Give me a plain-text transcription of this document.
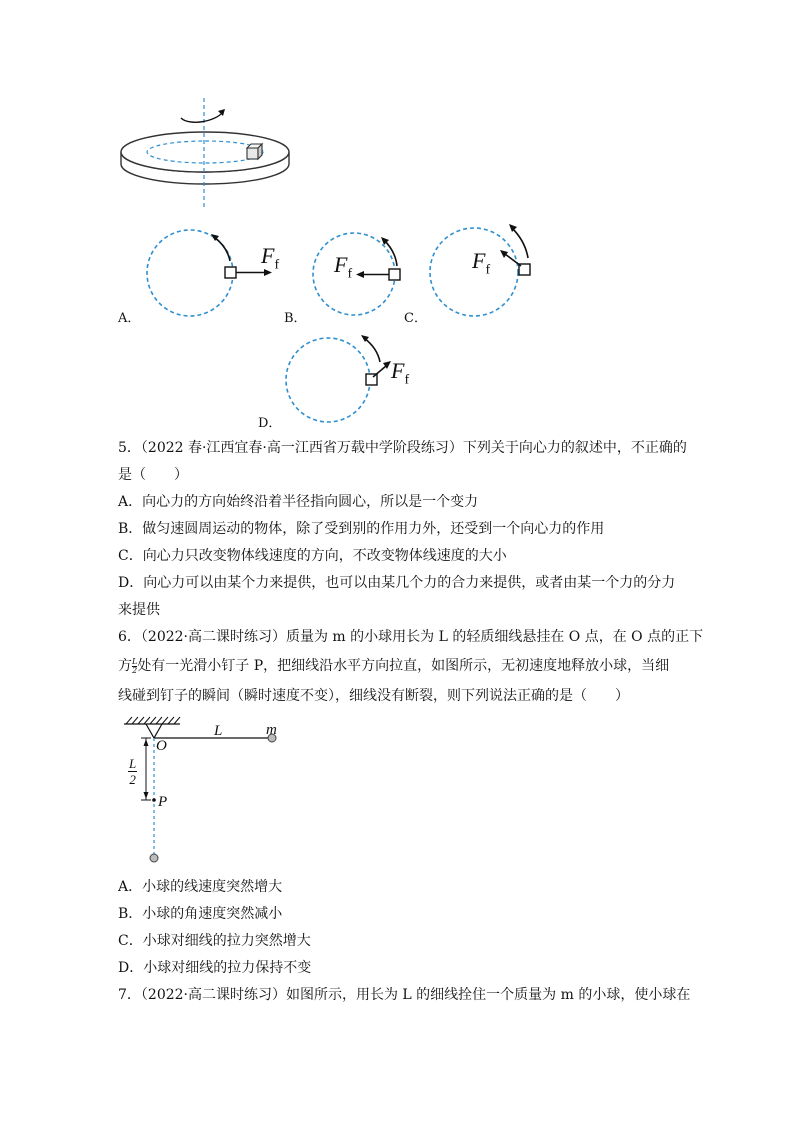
$F_f$
A．
$F_f$
B．
$F_f$
C．
$F_f$
D．
5．（2022 春·江西宜春·高一江西省万载中学阶段练习）下列关于向心力的叙述中，不正确的
是（　　）
A．向心力的方向始终沿着半径指向圆心，所以是一个变力
B．做匀速圆周运动的物体，除了受到别的作用力外，还受到一个向心力的作用
C．向心力只改变物体线速度的方向，不改变物体线速度的大小
D．向心力可以由某个力来提供，也可以由某几个力的合力来提供，或者由某一个力的分力
来提供
6．（2022·高二课时练习）质量为 m 的小球用长为 L 的轻质细线悬挂在 O 点，在 O 点的正下
方 $\frac{L}{2}$ 处有一光滑小钉子 P，把细线沿水平方向拉直，如图所示，无初速度地释放小球，当细
线碰到钉子的瞬间（瞬时速度不变），细线没有断裂，则下列说法正确的是（　　）
L	m
O
P
L
2
A．小球的线速度突然增大
B．小球的角速度突然减小
C．小球对细线的拉力突然增大
D．小球对细线的拉力保持不变
7．（2022·高二课时练习）如图所示，用长为 L 的细线拴住一个质量为 m 的小球，使小球在
